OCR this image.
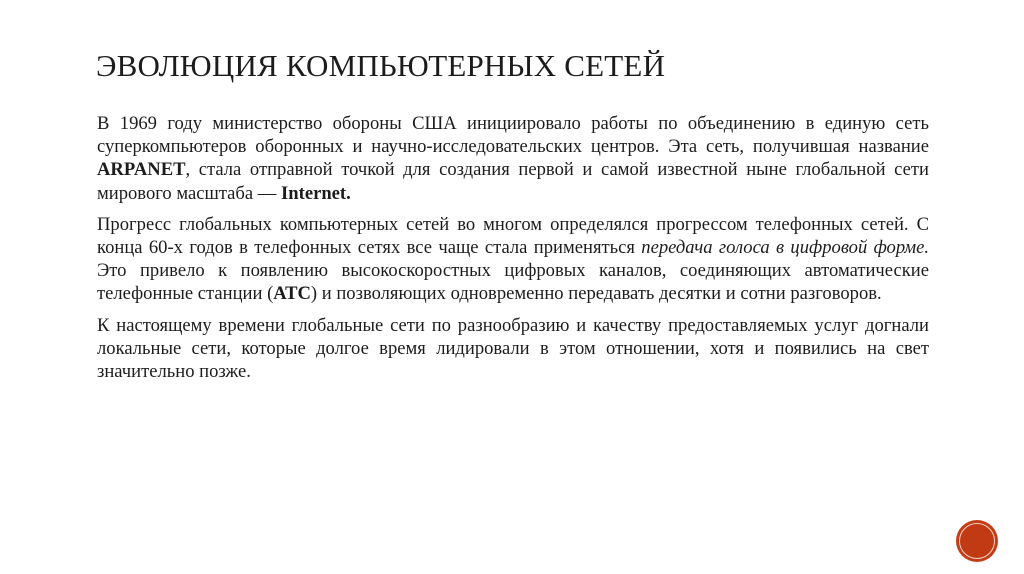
ЭВОЛЮЦИЯ КОМПЬЮТЕРНЫХ СЕТЕЙ

В 1969 году министерство обороны США инициировало работы по объединению в единую сеть суперкомпьютеров оборонных и научно-исследовательских центров. Эта сеть, получившая название ARPANET, стала отправной точкой для создания первой и самой известной ныне глобальной сети мирового масштаба — Internet.

Прогресс глобальных компьютерных сетей во многом определялся прогрессом телефонных сетей. С конца 60-х годов в телефонных сетях все чаще стала применяться передача голоса в цифровой форме. Это привело к появлению высокоскоростных цифровых каналов, соединяющих автоматические телефонные станции (АТС) и позволяющих одновременно передавать десятки и сотни разговоров.

К настоящему времени глобальные сети по разнообразию и качеству предоставляемых услуг догнали локальные сети, которые долгое время лидировали в этом отношении, хотя и появились на свет значительно позже.
